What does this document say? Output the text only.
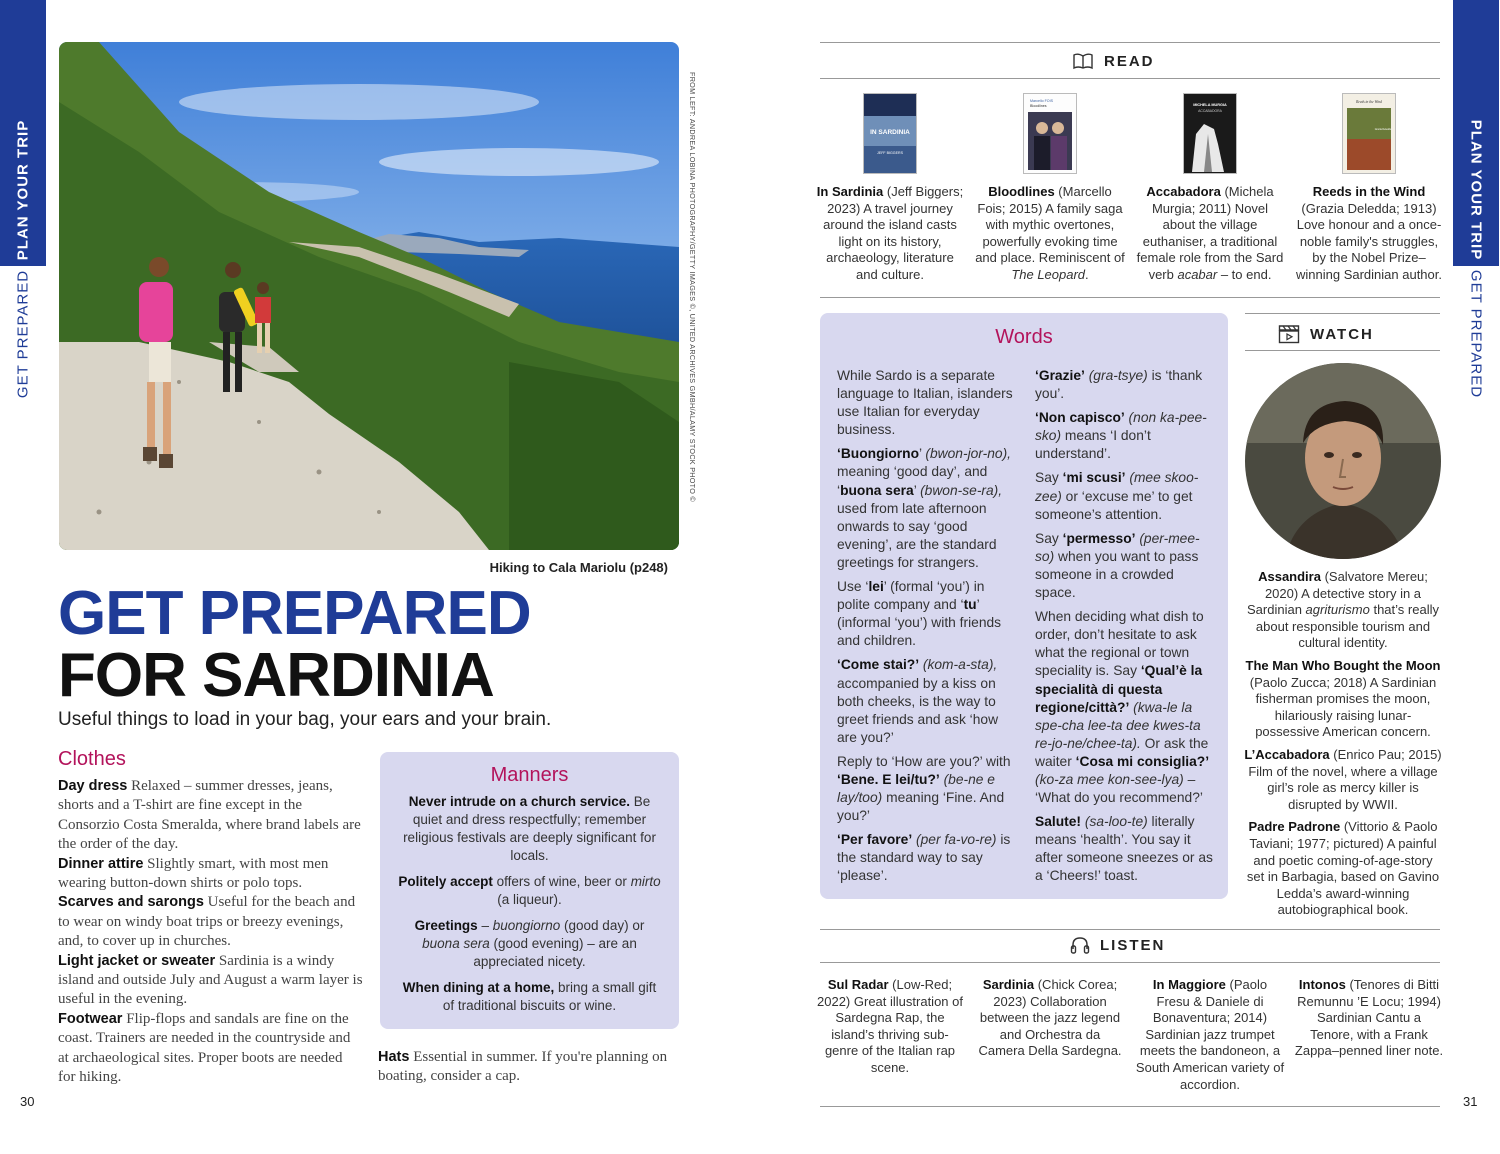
PLAN YOUR TRIP
GET PREPARED
PLAN YOUR TRIP
GET PREPARED
FROM LEFT: ANDREA LOBINA PHOTOGRAPHY/GETTY IMAGES ©, UNITED ARCHIVES GMBH/ALAMY STOCK PHOTO ©
Hiking to Cala Mariolu (p248)
GET PREPARED
FOR SARDINIA
Useful things to load in your bag, your ears and your brain.
Clothes
Day dress Relaxed – summer dresses, jeans, shorts and a T-shirt are fine except in the Consorzio Costa Smeralda, where brand labels are the order of the day.
Dinner attire Slightly smart, with most men wearing button-down shirts or polo tops.
Scarves and sarongs Useful for the beach and to wear on windy boat trips or breezy evenings, and, to cover up in churches.
Light jacket or sweater Sardinia is a windy island and outside July and August a warm layer is useful in the evening.
Footwear Flip-flops and sandals are fine on the coast. Trainers are needed in the countryside and at archaeological sites. Proper boots are needed for hiking.
Hats Essential in summer. If you're planning on boating, consider a cap.
Manners

Never intrude on a church service. Be quiet and dress respectfully; remember religious festivals are deeply significant for locals.

Politely accept offers of wine, beer or mirto (a liqueur).

Greetings – buongiorno (good day) or buona sera (good evening) – are an appreciated nicety.

When dining at a home, bring a small gift of traditional biscuits or wine.

30	31
READ
IN SARDINIA
JEFF BIGGERS

In Sardinia (Jeff Biggers; 2023) A travel journey around the island casts light on its history, archaeology, literature and culture.

Marcello FOIS
Bloodlines

Bloodlines (Marcello Fois; 2015) A family saga with mythic overtones, powerfully evoking time and place. Reminiscent of The Leopard.

MICHELA MURGIA
ACCABADORA

Accabadora (Michela Murgia; 2011) Novel about the village euthaniser, a traditional female role from the Sard verb acabar – to end.

Reeds in the Wind
Grazia Deledda

Reeds in the Wind (Grazia Deledda; 1913) Love honour and a once-noble family's struggles, by the Nobel Prize–winning Sardinian author.

Words

While Sardo is a separate language to Italian, islanders use Italian for everyday business.

‘Buongiorno’ (bwon-jor-no), meaning ‘good day’, and ‘buona sera’ (bwon-se-ra), used from late afternoon onwards to say ‘good evening’, are the standard greetings for strangers.

Use ‘lei’ (formal ‘you’) in polite company and ‘tu’ (informal ‘you’) with friends and children.

‘Come stai?’ (kom-a-sta), accompanied by a kiss on both cheeks, is the way to greet friends and ask ‘how are you?’

Reply to ‘How are you?’ with ‘Bene. E lei/tu?’ (be-ne e lay/too) meaning ‘Fine. And you?’

‘Per favore’ (per fa-vo-re) is the standard way to say ‘please’.

‘Grazie’ (gra-tsye) is ‘thank you’.

‘Non capisco’ (non ka-pee-sko) means ‘I don’t understand’.

Say ‘mi scusi’ (mee skoo-zee) or ‘excuse me’ to get someone’s attention.

Say ‘permesso’ (per-mee-so) when you want to pass someone in a crowded space.

When deciding what dish to order, don’t hesitate to ask what the regional or town speciality is. Say ‘Qual’è la specialità di questa regione/città?’ (kwa-le la spe-cha lee-ta dee kwes-ta re-jo-ne/chee-ta). Or ask the waiter ‘Cosa mi consiglia?’ (ko-za mee kon-see-lya) – ‘What do you recommend?’

Salute! (sa-loo-te) literally means ‘health’. You say it after someone sneezes or as a ‘Cheers!’ toast.

WATCH

Assandira (Salvatore Mereu; 2020) A detective story in a Sardinian agriturismo that’s really about responsible tourism and cultural identity.

The Man Who Bought the Moon (Paolo Zucca; 2018) A Sardinian fisherman promises the moon, hilariously raising lunar-possessive American concern.

L’Accabadora (Enrico Pau; 2015) Film of the novel, where a village girl’s role as mercy killer is disrupted by WWII.

Padre Padrone (Vittorio & Paolo Taviani; 1977; pictured) A painful and poetic coming-of-age-story set in Barbagia, based on Gavino Ledda’s award-winning autobiographical book.

LISTEN
Sul Radar (Low-Red; 2022) Great illustration of Sardegna Rap, the island’s thriving sub-genre of the Italian rap scene.
Sardinia (Chick Corea; 2023) Collaboration between the jazz legend and Orchestra da Camera Della Sardegna.
In Maggiore (Paolo Fresu & Daniele di Bonaventura; 2014) Sardinian jazz trumpet meets the bandoneon, a South American variety of accordion.
Intonos (Tenores di Bitti Remunnu ’E Locu; 1994) Sardinian Cantu a Tenore, with a Frank Zappa–penned liner note.
